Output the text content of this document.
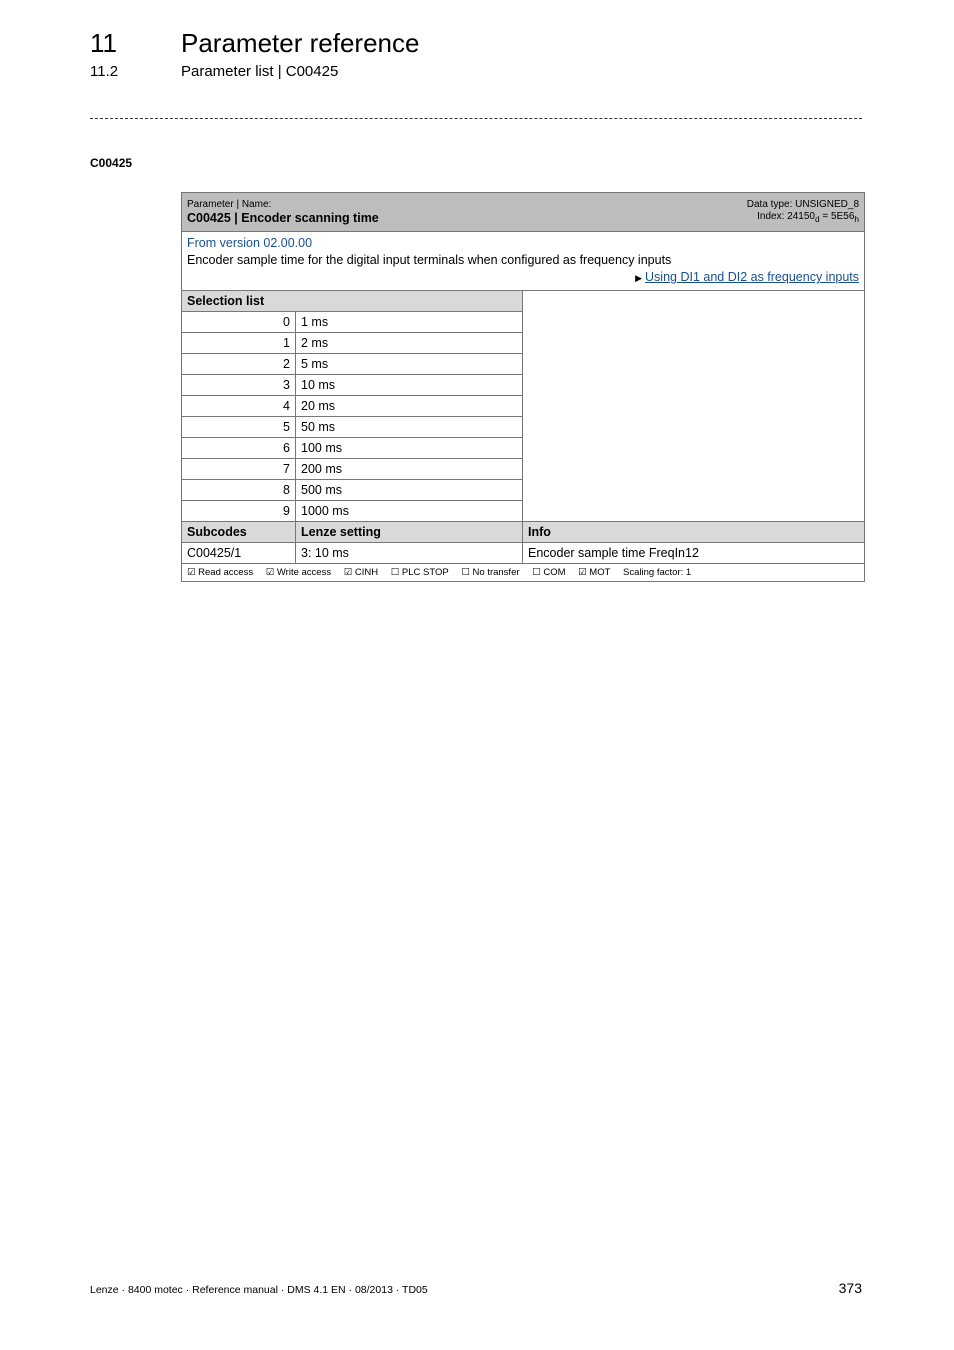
11 Parameter reference
11.2	Parameter list | C00425
C00425
Parameter | Name:
C00425 | Encoder scanning time
Data type: UNSIGNED_8
Index: $24150_d = 5E56_h$

From version 02.00.00
Encoder sample time for the digital input terminals when configured as frequency inputs
▶ Using DI1 and DI2 as frequency inputs		

Selection list		
0	1 ms	
1	2 ms	
2	5 ms	
3	10 ms	
4	20 ms	
5	50 ms	
6	100 ms	
7	200 ms	
8	500 ms	
9	1000 ms	
Subcodes	Lenze setting	Info
C00425/1	3: 10 ms	Encoder sample time FreqIn12
☑ Read access ☑ Write access ☑ CINH ☐ PLC STOP ☐ No transfer ☐ COM ☑ MOT Scaling factor: 1		
Lenze · 8400 motec · Reference manual · DMS 4.1 EN · 08/2013 · TD05	373
